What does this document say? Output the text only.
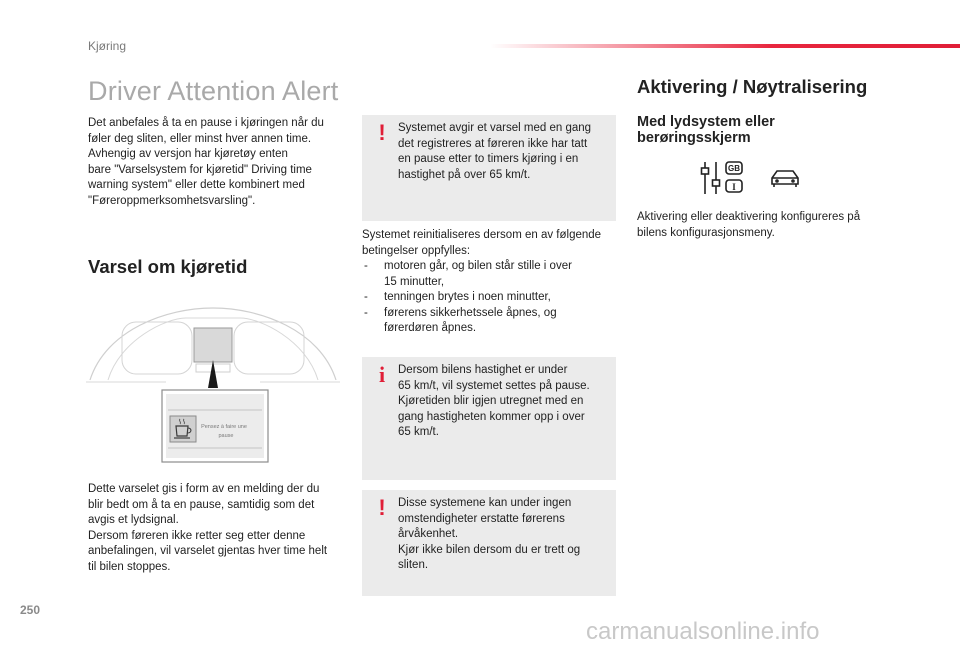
Kjøring
Driver Attention Alert
Det anbefales å ta en pause i kjøringen når du
føler deg sliten, eller minst hver annen time.
Avhengig av versjon har kjøretøy enten
bare "Varselsystem for kjøretid" Driving time
warning system" eller dette kombinert med
"Føreroppmerksomhetsvarsling".
Varsel om kjøretid
Pensez à faire une
pause
Dette varselet gis i form av en melding der du
blir bedt om å ta en pause, samtidig som det
avgis et lydsignal.
Dersom føreren ikke retter seg etter denne
anbefalingen, vil varselet gjentas hver time helt
til bilen stoppes.
!	Systemet avgir et varsel med en gang
det registreres at føreren ikke har tatt
en pause etter to timers kjøring i en
hastighet på over 65 km/t.
Systemet reinitialiseres dersom en av følgende
betingelser oppfylles:
- motoren går, og bilen står stille i over
15 minutter,
- tenningen brytes i noen minutter,
- førerens sikkerhetssele åpnes, og
førerdøren åpnes.
i	Dersom bilens hastighet er under
65 km/t, vil systemet settes på pause.
Kjøretiden blir igjen utregnet med en
gang hastigheten kommer opp i over
65 km/t.
!	Disse systemene kan under ingen
omstendigheter erstatte førerens
årvåkenhet.
Kjør ikke bilen dersom du er trett og
sliten.
Aktivering / Nøytralisering
Med lydsystem eller
berøringsskjerm
GB
I
Aktivering eller deaktivering konfigureres på
bilens konfigurasjonsmeny.
250
carmanualsonline.info
